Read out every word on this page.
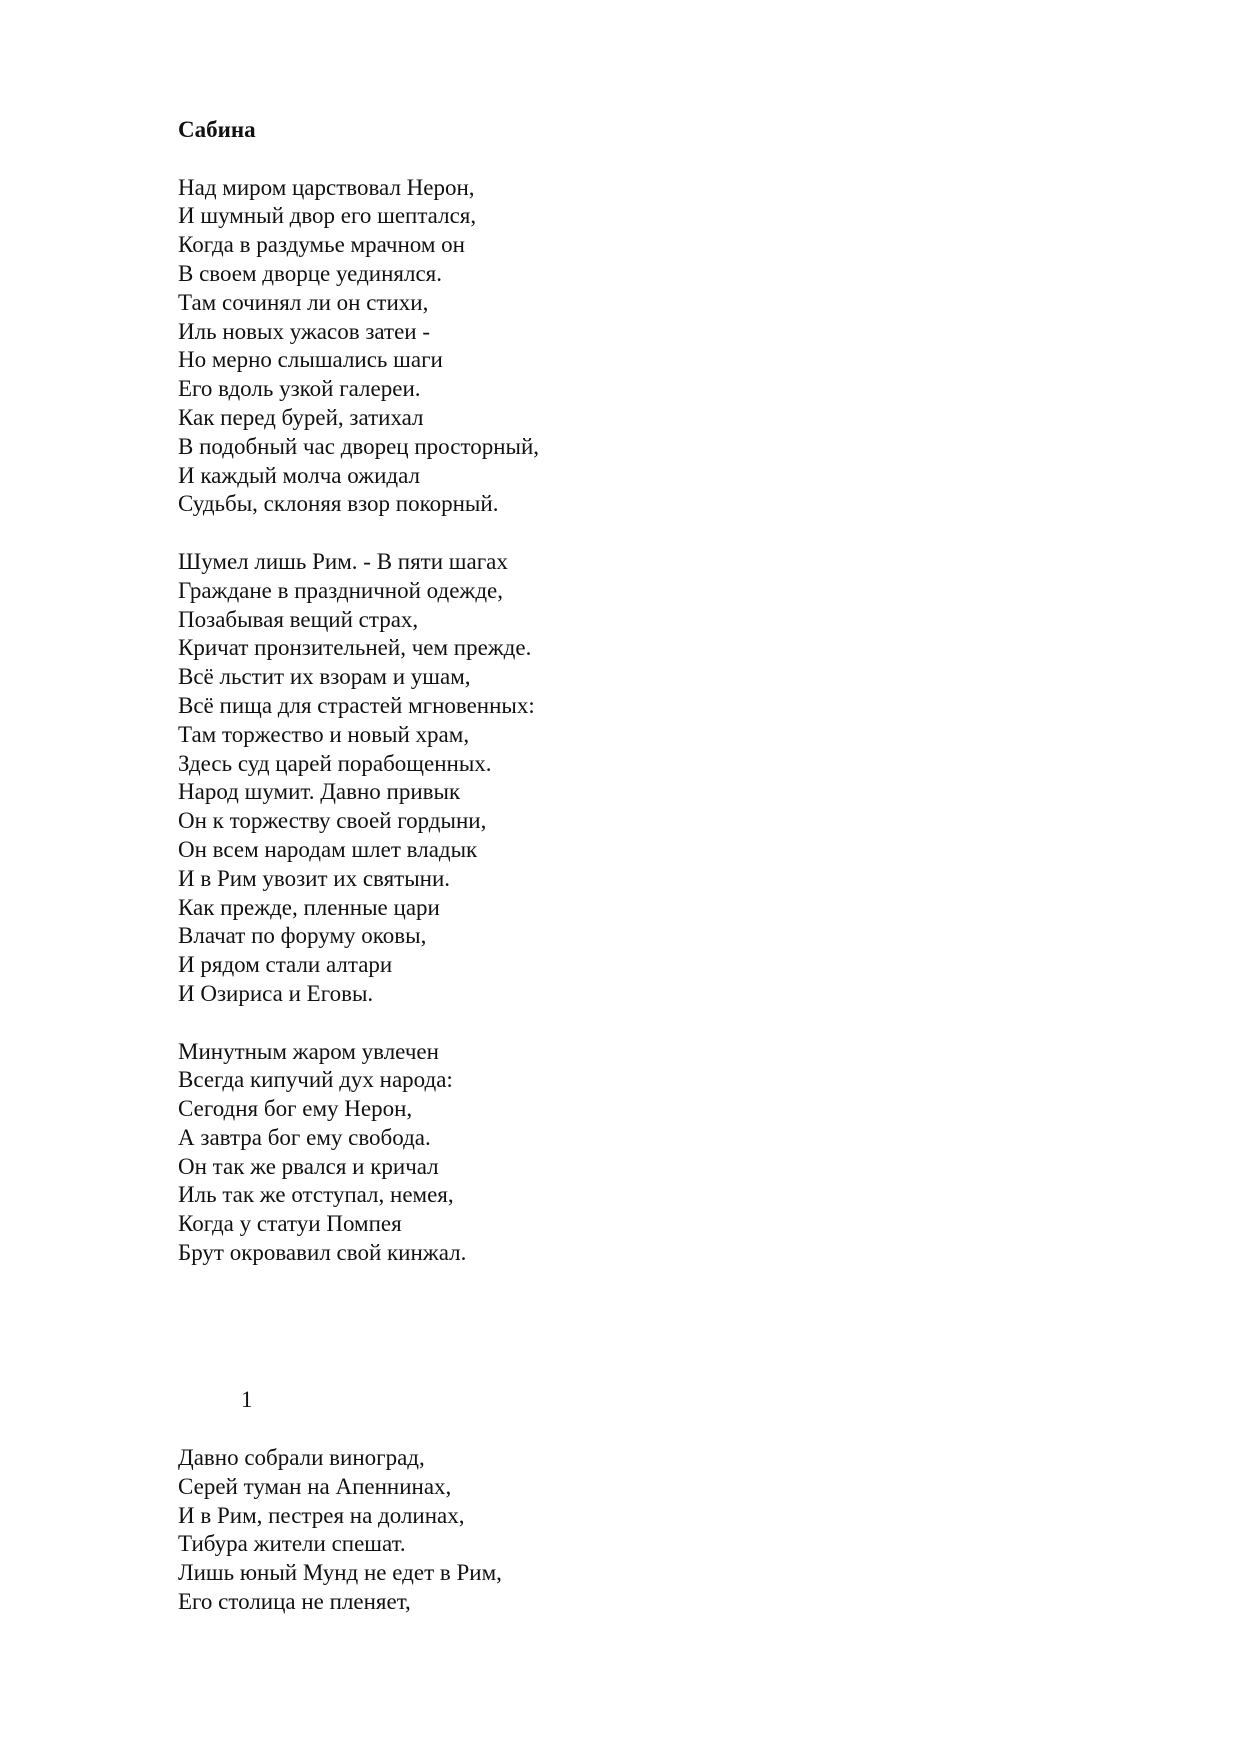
Сабина
Над миром царствовал Нерон,
И шумный двор его шептался,
Когда в раздумье мрачном он
В своем дворце уединялся.
Там сочинял ли он стихи,
Иль новых ужасов затеи -
Но мерно слышались шаги
Его вдоль узкой галереи.
Как перед бурей, затихал
В подобный час дворец просторный,
И каждый молча ожидал
Судьбы, склоняя взор покорный.
Шумел лишь Рим. - В пяти шагах
Граждане в праздничной одежде,
Позабывая вещий страх,
Кричат пронзительней, чем прежде.
Всё льстит их взорам и ушам,
Всё пища для страстей мгновенных:
Там торжество и новый храм,
Здесь суд царей порабощенных.
Народ шумит. Давно привык
Он к торжеству своей гордыни,
Он всем народам шлет владык
И в Рим увозит их святыни.
Как прежде, пленные цари
Влачат по форуму оковы,
И рядом стали алтари
И Озириса и Еговы.
Минутным жаром увлечен
Всегда кипучий дух народа:
Сегодня бог ему Нерон,
А завтра бог ему свобода.
Он так же рвался и кричал
Иль так же отступал, немея,
Когда у статуи Помпея
Брут окровавил свой кинжал.
1
Давно собрали виноград,
Серей туман на Апеннинах,
И в Рим, пестрея на долинах,
Тибура жители спешат.
Лишь юный Мунд не едет в Рим,
Его столица не пленяет,
